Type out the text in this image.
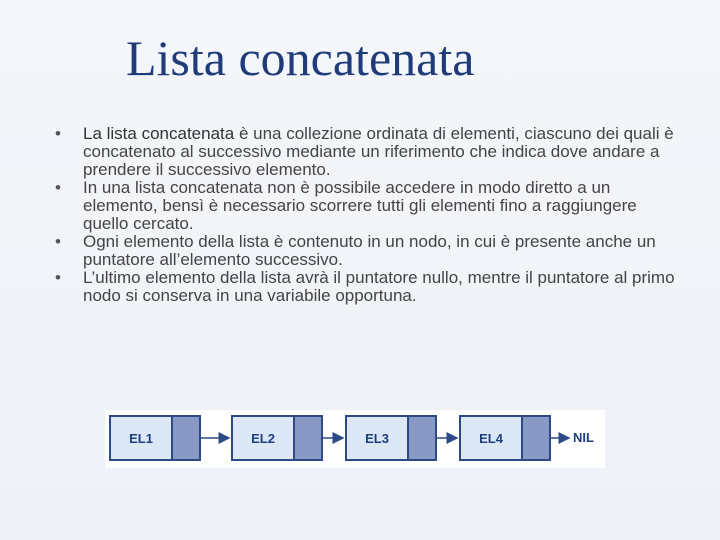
Lista concatenata
• La lista concatenata è una collezione ordinata di elementi, ciascuno dei quali è concatenato al successivo mediante un riferimento che indica dove andare a prendere il successivo elemento.
• In una lista concatenata non è possibile accedere in modo diretto a un elemento, bensì è necessario scorrere tutti gli elementi fino a raggiungere quello cercato.
• Ogni elemento della lista è contenuto in un nodo, in cui è presente anche un puntatore all’elemento successivo.
• L’ultimo elemento della lista avrà il puntatore nullo, mentre il puntatore al primo nodo si conserva in una variabile opportuna.
EL1	EL2	EL3	EL4	NIL
